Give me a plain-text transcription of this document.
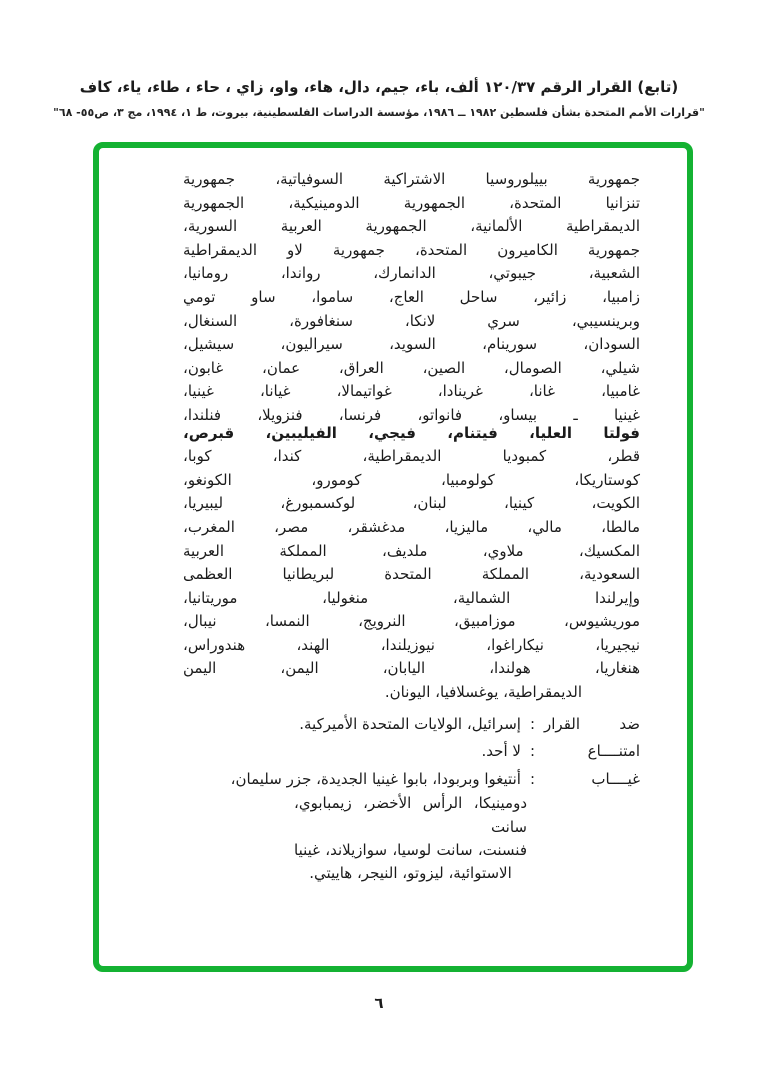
(تابع) القرار الرقم ١٢٠/٣٧ ألف، باء، جيم، دال، هاء، واو، زاي ، حاء ، طاء، ياء، كاف
"قرارات الأمم المتحدة بشأن فلسطين ١٩٨٢ ــ ١٩٨٦، مؤسسة الدراسات الفلسطينية، بيروت، ط ١، ١٩٩٤، مج ٣، ص٥٥- ٦٨"
جمهورية بييلوروسيا الاشتراكية السوفياتية، جمهورية
تنزانيا المتحدة، الجمهورية الدومينيكية، الجمهورية
الديمقراطية الألمانية، الجمهورية العربية السورية،
جمهورية الكاميرون المتحدة، جمهورية لاو الديمقراطية
الشعبية، جيبوتي، الدانمارك، رواندا، رومانيا،
زامبيا، زائير، ساحل العاج، ساموا، ساو تومي
وبرينسيبي، سري لانكا، سنغافورة، السنغال،
السودان، سورينام، السويد، سيراليون، سيشيل،
شيلي، الصومال، الصين، العراق، عمان، غابون،
غامبيا، غانا، غرينادا، غواتيمالا، غيانا، غينيا،
غينيا ـ بيساو، فانواتو، فرنسا، فنزويلا، فنلندا،
فولتا العليا، فيتنام، فيجي، الفيليبين، قبرص،
قطر، كمبوديا الديمقراطية، كندا، كوبا،
كوستاريكا، كولومبيا، كومورو، الكونغو،
الكويت، كينيا، لبنان، لوكسمبورغ، ليبيريا،
مالطا، مالي، ماليزيا، مدغشقر، مصر، المغرب،
المكسيك، ملاوي، ملديف، المملكة العربية
السعودية، المملكة المتحدة لبريطانيا العظمى
وإيرلندا الشمالية، منغوليا، موريتانيا،
موريشيوس، موزامبيق، النرويج، النمسا، نيبال،
نيجيريا، نيكاراغوا، نيوزيلندا، الهند، هندوراس،
هنغاريا، هولندا، اليابان، اليمن، اليمن
الديمقراطية، يوغسلافيا، اليونان.
ضد القرار
:
إسرائيل، الولايات المتحدة الأميركية.
امتنــــاع
:
لا أحد.
غيــــاب
:
أنتيغوا وبربودا، بابوا غينيا الجديدة، جزر سليمان،
دومينيكا، الرأس الأخضر، زيمبابوي، سانت
فنسنت، سانت لوسيا، سوازيلاند، غينيا
الاستوائية، ليزوتو، النيجر، هاييتي.
٦
